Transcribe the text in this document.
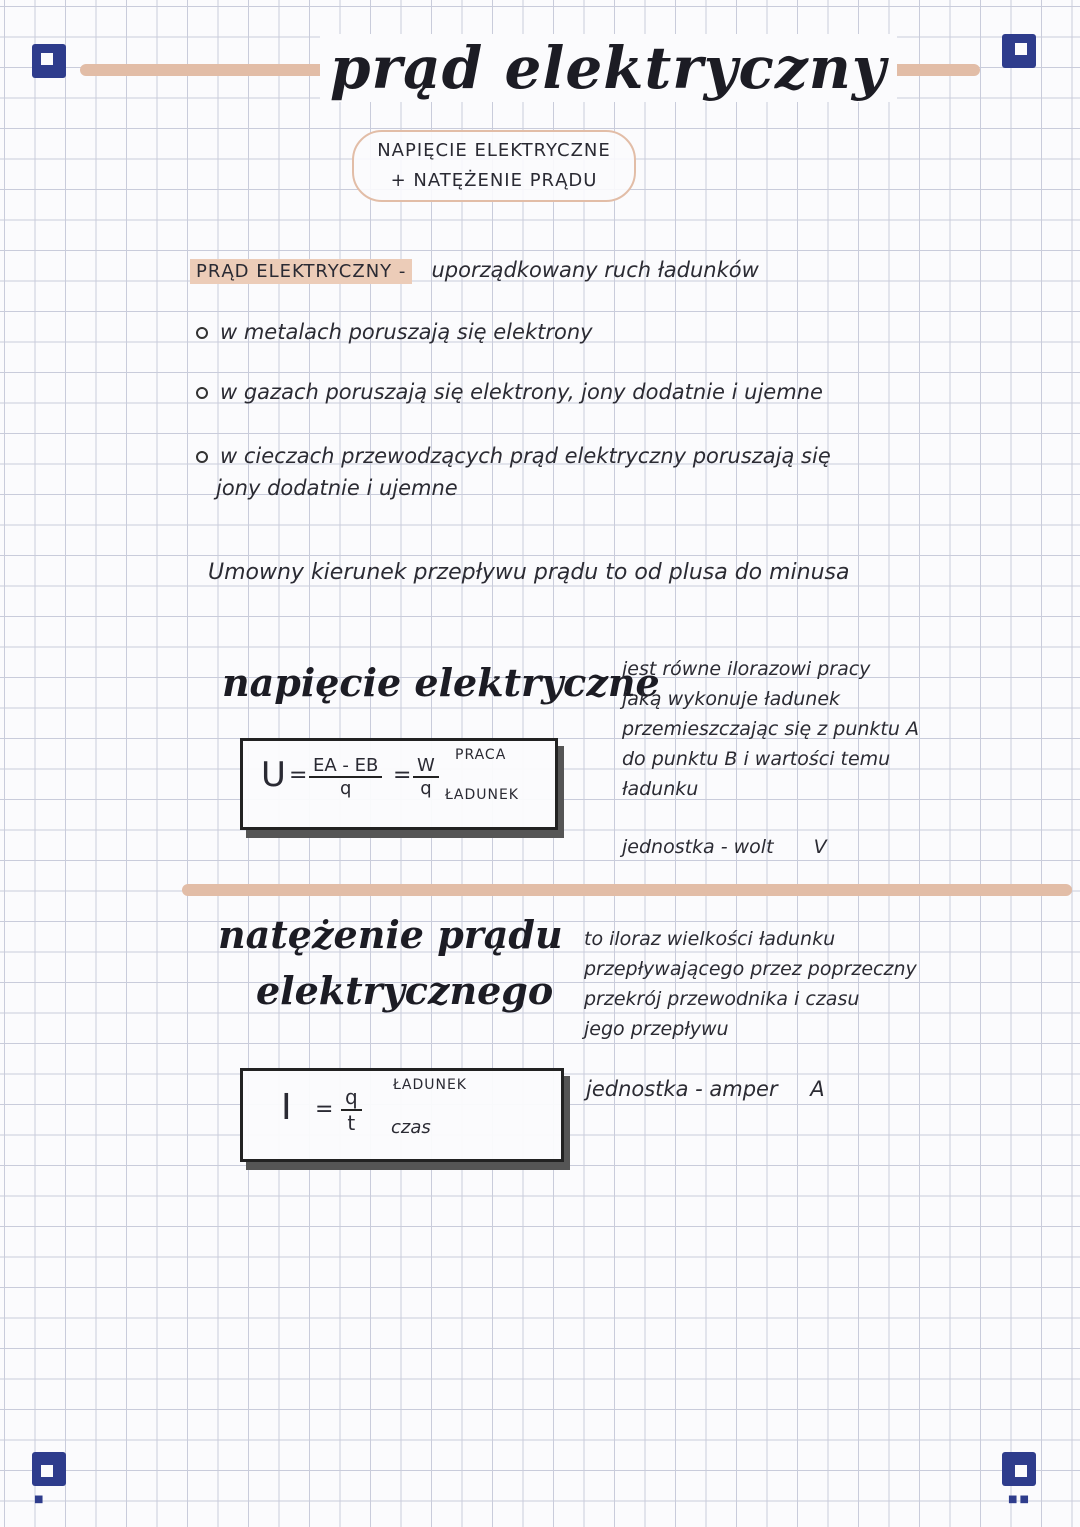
■	■■
prąd elektryczny
NAPIĘCIE ELEKTRYCZNE
+ NATĘŻENIE PRĄDU
PRĄD ELEKTRYCZNY - uporządkowany ruch ładunków
w metalach poruszają się elektrony
w gazach poruszają się elektrony, jony dodatnie i ujemne
w cieczach przewodzących prąd elektryczny poruszają się
jony dodatnie i ujemne
Umowny kierunek przepływu prądu to od plusa do minusa
napięcie elektryczne
$U = \frac{EA - EB}{q} = \frac{W}{q}$ PRACA
ŁADUNEK
jest równe ilorazowi pracy
jaką wykonuje ładunek
przemieszczając się z punktu A
do punktu B i wartości temu
ładunku
jednostka - wolt V
natężenie prądu
elektrycznego
$I = \frac{q}{t}$ ŁADUNEK
czas
to iloraz wielkości ładunku
przepływającego przez poprzeczny
przekrój przewodnika i czasu
jego przepływu
jednostka - amper A
